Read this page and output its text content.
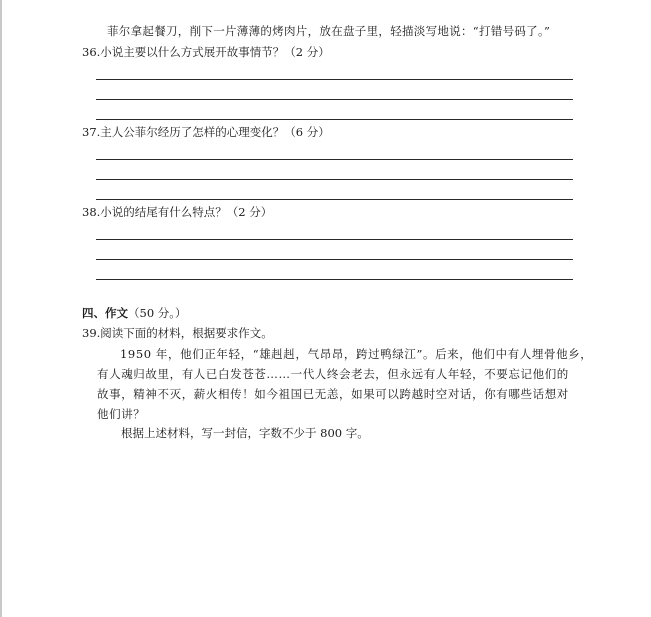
菲尔拿起餐刀，削下一片薄薄的烤肉片，放在盘子里，轻描淡写地说：“打错号码了。”
36.小说主要以什么方式展开故事情节？（2 分）
37.主人公菲尔经历了怎样的心理变化？（6 分）
38.小说的结尾有什么特点？（2 分）
四、作文（50 分。）
39.阅读下面的材料，根据要求作文。
1950 年，他们正年轻，“雄赳赳，气昂昂，跨过鸭绿江”。后来，他们中有人埋骨他乡，
有人魂归故里，有人已白发苍苍……一代人终会老去，但永远有人年轻，不要忘记他们的
故事，精神不灭，薪火相传！如今祖国已无恙，如果可以跨越时空对话，你有哪些话想对
他们讲？
根据上述材料，写一封信，字数不少于 800 字。
